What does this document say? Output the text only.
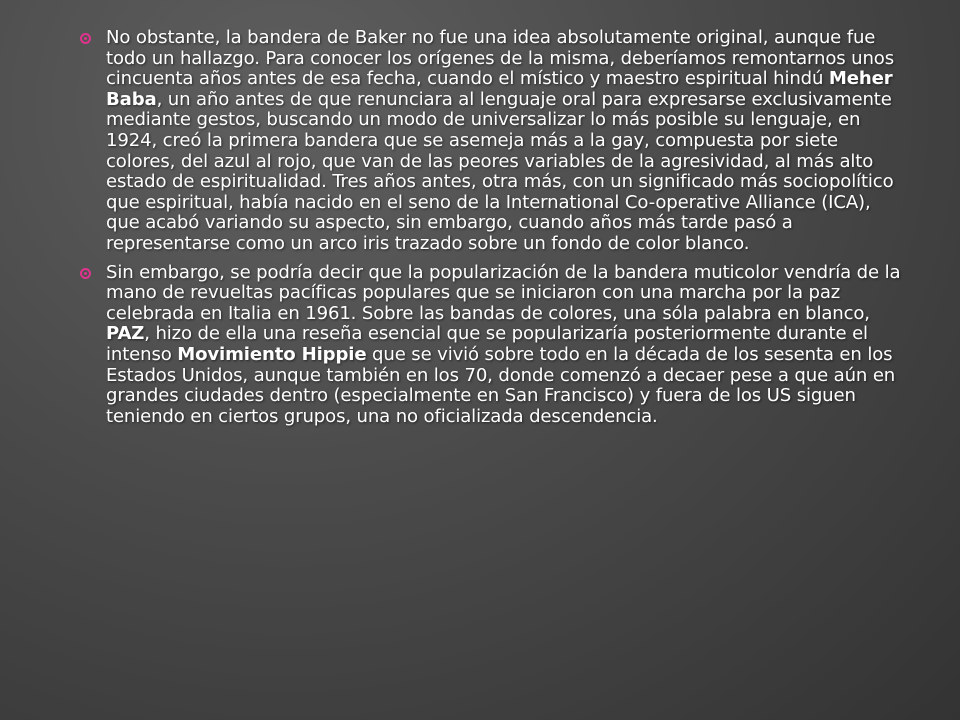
No obstante, la bandera de Baker no fue una idea absolutamente original, aunque fue todo un hallazgo. Para conocer los orígenes de la misma, deberíamos remontarnos unos cincuenta años antes de esa fecha, cuando el místico y maestro espiritual hindú Meher Baba, un año antes de que renunciara al lenguaje oral para expresarse exclusivamente mediante gestos, buscando un modo de universalizar lo más posible su lenguaje, en 1924, creó la primera bandera que se asemeja más a la gay, compuesta por siete colores, del azul al rojo, que van de las peores variables de la agresividad, al más alto estado de espiritualidad. Tres años antes, otra más, con un significado más sociopolítico que espiritual, había nacido en el seno de la International Co-operative Alliance (ICA), que acabó variando su aspecto, sin embargo, cuando años más tarde pasó a representarse como un arco iris trazado sobre un fondo de color blanco.
Sin embargo, se podría decir que la popularización de la bandera muticolor vendría de la mano de revueltas pacíficas populares que se iniciaron con una marcha por la paz celebrada en Italia en 1961. Sobre las bandas de colores, una sóla palabra en blanco, PAZ, hizo de ella una reseña esencial que se popularizaría posteriormente durante el intenso Movimiento Hippie que se vivió sobre todo en la década de los sesenta en los Estados Unidos, aunque también en los 70, donde comenzó a decaer pese a que aún en grandes ciudades dentro (especialmente en San Francisco) y fuera de los US siguen teniendo en ciertos grupos, una no oficializada descendencia.
